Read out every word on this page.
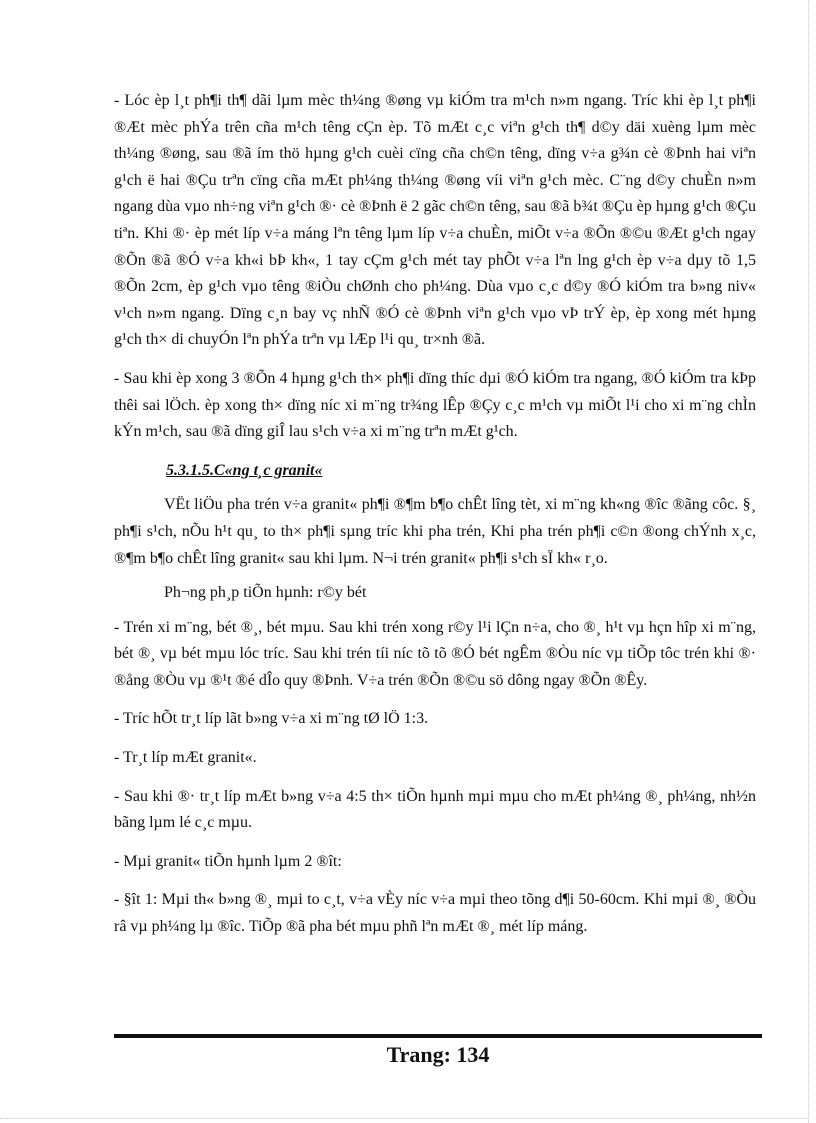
- Lóc èp l¸t ph¶i th¶ dãi lµm mèc th¼ng ®øng vµ kiÓm tra m¹ch n»m ngang. Tríc khi èp l¸t ph¶i ®Æt mèc phÝa trên cña m¹ch têng cÇn èp. Tõ mÆt c¸c viªn g¹ch th¶ d©y däi xuèng lµm mèc th¼ng ®øng, sau ®ã ím thö hµng g¹ch cuèi cïng cña ch©n têng, dïng v÷a g¾n cè ®Þnh hai viªn g¹ch ë hai ®Çu trªn cïng cña mÆt ph¼ng th¼ng ®øng víi viªn g¹ch mèc. C¨ng d©y chuÈn n»m ngang dùa vµo nh÷ng viªn g¹ch ®· cè ®Þnh ë 2 gãc ch©n têng, sau ®ã b¾t ®Çu èp hµng g¹ch ®Çu tiªn. Khi ®· èp mét líp v÷a máng lªn têng lµm líp v÷a chuÈn, miÕt v÷a ®Õn ®©u ®Æt g¹ch ngay ®Õn ®ã ®Ó v÷a kh«i bÞ kh«, 1 tay cÇm g¹ch mét tay phÕt v÷a lªn lng g¹ch èp v÷a dµy tõ 1,5 ®Õn 2cm, èp g¹ch vµo têng ®iÒu chØnh cho ph¼ng. Dùa vµo c¸c d©y ®Ó kiÓm tra b»ng niv« v¹ch n»m ngang. Dïng c¸n bay vç nhÑ ®Ó cè ®Þnh viªn g¹ch vµo vÞ trÝ èp, èp xong mét hµng g¹ch th× di chuyÓn lªn phÝa trªn vµ lÆp l¹i qu¸ tr×nh ®ã.

- Sau khi èp xong 3 ®Õn 4 hµng g¹ch th× ph¶i dïng thíc dµi ®Ó kiÓm tra ngang, ®Ó kiÓm tra kÞp thêi sai lÖch. èp xong th× dïng níc xi m¨ng tr¾ng lÊp ®Çy c¸c m¹ch vµ miÕt l¹i cho xi m¨ng chÌn kÝn m¹ch, sau ®ã dïng giÎ lau s¹ch v÷a xi m¨ng trªn mÆt g¹ch.

5.3.1.5.C«ng t¸c granit«

VËt liÖu pha trén v÷a granit« ph¶i ®¶m b¶o chÊt lîng tèt, xi m¨ng kh«ng ®îc ®ãng côc. §¸ ph¶i s¹ch, nÕu h¹t qu¸ to th× ph¶i sµng tríc khi pha trén, Khi pha trén ph¶i c©n ®ong chÝnh x¸c, ®¶m b¶o chÊt lîng granit« sau khi lµm. N¬i trén granit« ph¶i s¹ch sÏ kh« r¸o.

Ph¬ng ph¸p tiÕn hµnh: r©y bét

- Trén xi m¨ng, bét ®¸, bét mµu. Sau khi trén xong r©y l¹i lÇn n÷a, cho ®¸ h¹t vµ hçn hîp xi m¨ng, bét ®¸ vµ bét mµu lóc tríc. Sau khi trén tíi níc tõ tõ ®Ó bét ngÊm ®Òu níc vµ tiÕp tôc trén khi ®· ®ång ®Òu vµ ®¹t ®é dÎo quy ®Þnh. V÷a trén ®Õn ®©u sö dông ngay ®Õn ®Êy.

- Tríc hÕt tr¸t líp lãt b»ng v÷a xi m¨ng tØ lÖ 1:3.

- Tr¸t líp mÆt granit«.

- Sau khi ®· tr¸t líp mÆt b»ng v÷a 4:5 th× tiÕn hµnh mµi mµu cho mÆt ph¼ng ®¸ ph¼ng, nh½n bãng lµm lé c¸c mµu.

- Mµi granit« tiÕn hµnh lµm 2 ®ît:

- §ît 1: Mµi th« b»ng ®¸ mµi to c¸t, v÷a vÈy níc v÷a mµi theo tõng d¶i 50-60cm. Khi mµi ®¸ ®Òu râ vµ ph¼ng lµ ®îc. TiÕp ®ã pha bét mµu phñ lªn mÆt ®¸ mét líp máng.

Trang: 134
